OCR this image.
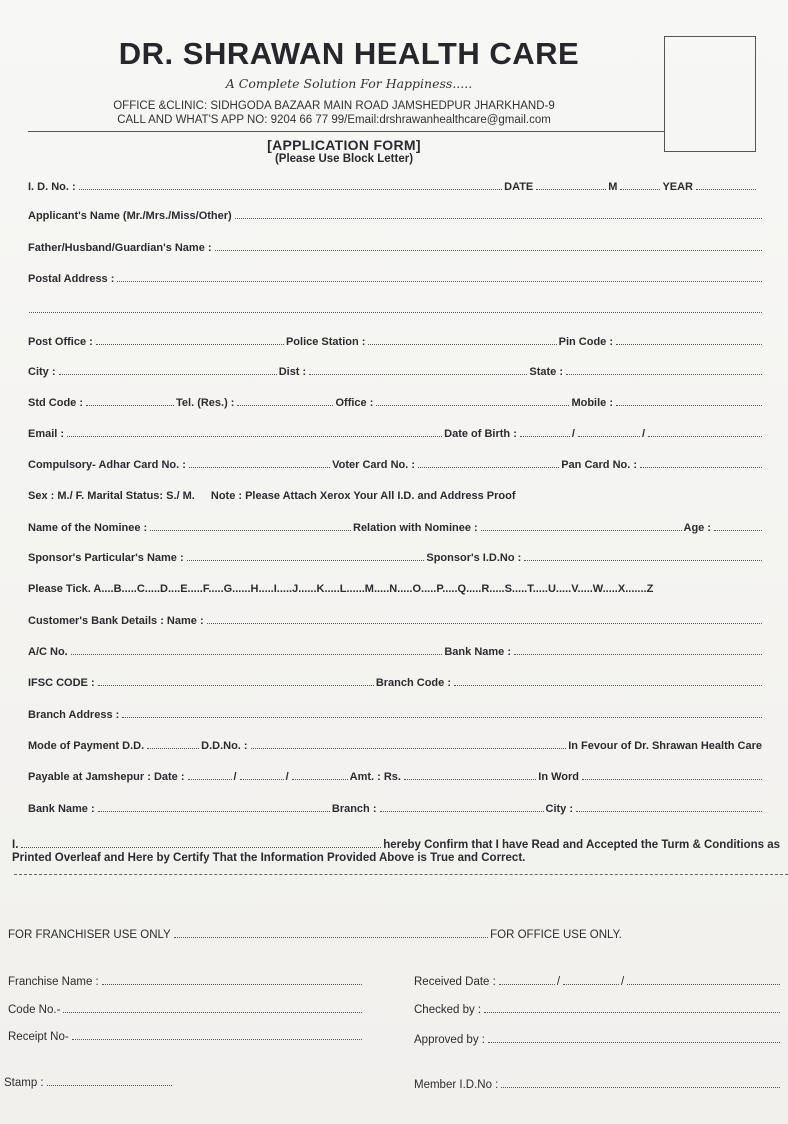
DR. SHRAWAN HEALTH CARE
A Complete Solution For Happiness.....
OFFICE &CLINIC: SIDHGODA BAZAAR MAIN ROAD JAMSHEDPUR JHARKHAND-9
CALL AND WHAT'S APP NO: 9204 66 77 99/Email:drshrawanhealthcare@gmail.com
[APPLICATION FORM]
(Please Use Block Letter)
I. D. No. :	DATE	M	YEAR
Applicant's Name (Mr./Mrs./Miss/Other)
Father/Husband/Guardian's Name :
Postal Address :
Post Office :	Police Station :	Pin Code :
City :	Dist :	State :
Std Code :	Tel. (Res.) :	Office :	Mobile :
Email :	Date of Birth :	/	/
Compulsory- Adhar Card No. :	Voter Card No. :	Pan Card No. :
Sex : M./ F. Marital Status: S./ M. Note : Please Attach Xerox Your All I.D. and Address Proof
Name of the Nominee :	Relation with Nominee :	Age :
Sponsor's Particular's Name :	Sponsor's I.D.No :
Please Tick. A....B.....C.....D....E.....F.....G......H.....I.....J......K.....L......M.....N.....O.....P.....Q.....R.....S.....T.....U.....V.....W.....X.......Z
Customer's Bank Details : Name :
A/C No.	Bank Name :
IFSC CODE :	Branch Code :
Branch Address :
Mode of Payment D.D.	D.D.No. :	In Fevour of Dr. Shrawan Health Care
Payable at Jamshepur : Date :	/	/	Amt. : Rs.	In Word
Bank Name :	Branch :	City :
I.	hereby Confirm that I have Read and Accepted the Turm & Conditions as
Printed Overleaf and Here by Certify That the Information Provided Above is True and Correct.
FOR FRANCHISER USE ONLY	FOR OFFICE USE ONLY.
Franchise Name :	Received Date :	/	/
Code No.-	Checked by :
Receipt No-	Approved by :
Stamp :	Member I.D.No :
